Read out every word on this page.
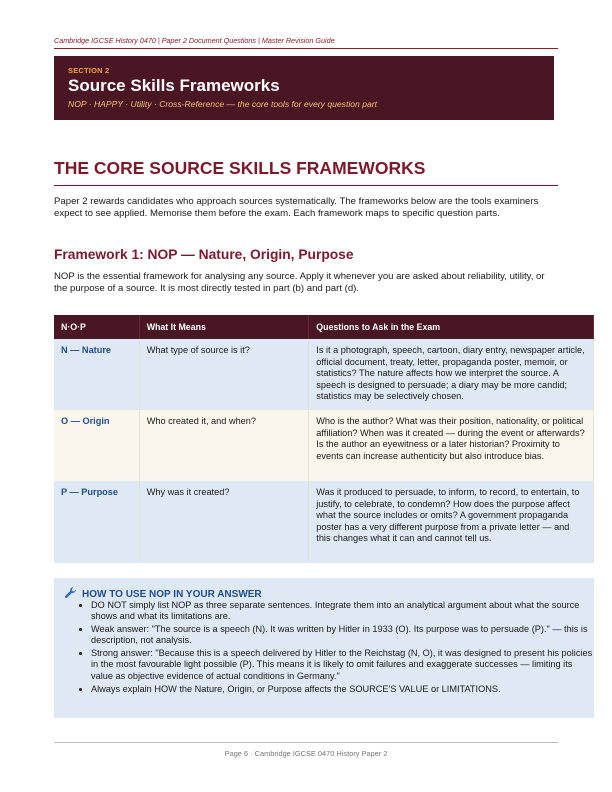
Cambridge IGCSE History 0470 | Paper 2 Document Questions | Master Revision Guide
SECTION 2
Source Skills Frameworks
NOP · HAPPY · Utility · Cross-Reference — the core tools for every question part
THE CORE SOURCE SKILLS FRAMEWORKS
Paper 2 rewards candidates who approach sources systematically. The frameworks below are the tools examiners expect to see applied. Memorise them before the exam. Each framework maps to specific question parts.
Framework 1: NOP — Nature, Origin, Purpose
NOP is the essential framework for analysing any source. Apply it whenever you are asked about reliability, utility, or the purpose of a source. It is most directly tested in part (b) and part (d).
N·O·P	What It Means	Questions to Ask in the Exam
N — Nature	What type of source is it?	Is it a photograph, speech, cartoon, diary entry, newspaper article, official document, treaty, letter, propaganda poster, memoir, or statistics? The nature affects how we interpret the source. A speech is designed to persuade; a diary may be more candid; statistics may be selectively chosen.
O — Origin	Who created it, and when?	Who is the author? What was their position, nationality, or political affiliation? When was it created — during the event or afterwards? Is the author an eyewitness or a later historian? Proximity to events can increase authenticity but also introduce bias.
P — Purpose	Why was it created?	Was it produced to persuade, to inform, to record, to entertain, to justify, to celebrate, to condemn? How does the purpose affect what the source includes or omits? A government propaganda poster has a very different purpose from a private letter — and this changes what it can and cannot tell us.
HOW TO USE NOP IN YOUR ANSWER
• DO NOT simply list NOP as three separate sentences. Integrate them into an analytical argument about what the source shows and what its limitations are.
• Weak answer: "The source is a speech (N). It was written by Hitler in 1933 (O). Its purpose was to persuade (P)." — this is description, not analysis.
• Strong answer: "Because this is a speech delivered by Hitler to the Reichstag (N, O), it was designed to present his policies in the most favourable light possible (P). This means it is likely to omit failures and exaggerate successes — limiting its value as objective evidence of actual conditions in Germany."
• Always explain HOW the Nature, Origin, or Purpose affects the SOURCE'S VALUE or LIMITATIONS.
Page 6 · Cambridge IGCSE 0470 History Paper 2
